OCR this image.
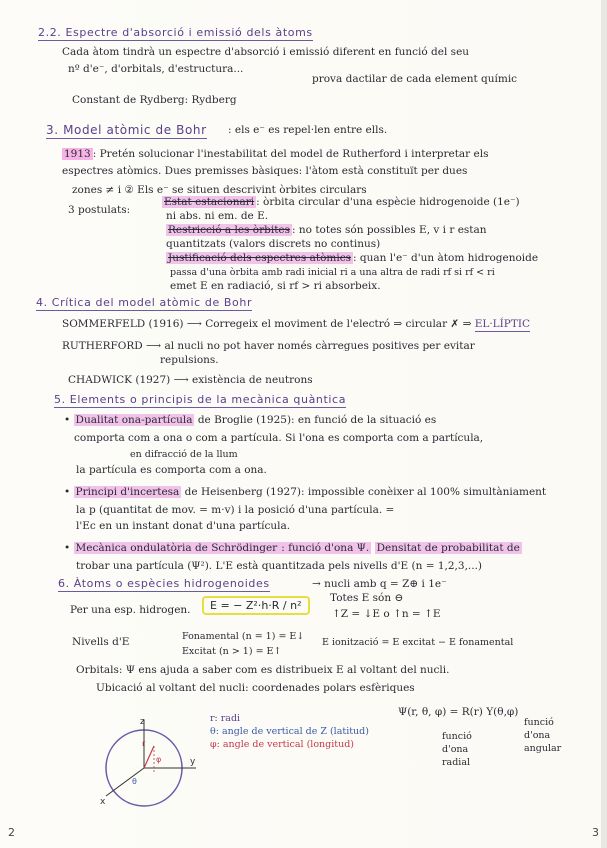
2.2. Espectre d'absorció i emissió dels àtoms
Cada àtom tindrà un espectre d'absorció i emissió diferent en funció del seu
nº d'e⁻, d'orbitals, d'estructura...
prova dactilar de cada element químic
Constant de Rydberg: Rydberg
3. Model atòmic de Bohr : els e⁻ es repel·len entre ells.
1913 : Pretén solucionar l'inestabilitat del model de Rutherford i interpretar els
espectres atòmics. Dues premisses bàsiques: l'àtom està constituït per dues
zones ≠ i ② Els e⁻ se situen descrivint òrbites circulars
3 postulats:
Estat estacionari : òrbita circular d'una espècie hidrogenoide (1e⁻)
ni abs. ni em. de E.
Restricció a les òrbites : no totes són possibles E, v i r estan
quantitzats (valors discrets no continus)
Justificació dels espectres atòmics : quan l'e⁻ d'un àtom hidrogenoide
passa d'una òrbita amb radi inicial ri a una altra de radi rf si rf < ri
emet E en radiació, si rf > ri absorbeix.
4. Crítica del model atòmic de Bohr
SOMMERFELD (1916) ⟶ Corregeix el moviment de l'electró ⇒ circular ✗ ⇒ EL·LÍPTIC
RUTHERFORD ⟶ al nucli no pot haver només càrregues positives per evitar
repulsions.
CHADWICK (1927) ⟶ existència de neutrons
5. Elements o principis de la mecànica quàntica
• Dualitat ona-partícula de Broglie (1925): en funció de la situació es
comporta com a ona o com a partícula. Si l'ona es comporta com a partícula,
en difracció de la llum
la partícula es comporta com a ona.
• Principi d'incertesa de Heisenberg (1927): impossible conèixer al 100% simultàniament
la p (quantitat de mov. = m·v) i la posició d'una partícula. =
l'Ec en un instant donat d'una partícula.
• Mecànica ondulatòria de Schrödinger : funció d'ona Ψ. Densitat de probabilitat de
trobar una partícula (Ψ²). L'E està quantitzada pels nivells d'E (n = 1,2,3,...)
6. Àtoms o espècies hidrogenoides	→ nucli amb q = Z⊕ i 1e⁻
Per una esp. hidrogen.	E = − Z²·h·R / n²
Totes E són ⊖
↑Z = ↓E o ↑n = ↑E
Nivells d'E	Fonamental (n = 1) = E↓
Excitat (n > 1) = E↑
E ionització = E excitat − E fonamental
Orbitals: Ψ ens ajuda a saber com es distribueix E al voltant del nucli.
Ubicació al voltant del nucli: coordenades polars esfèriques
r: radi
θ: angle de vertical de Z (latitud)
φ: angle de vertical (longitud)
Ψ(r, θ, φ) = R(r) Y(θ,φ)
funció d'ona radial
funció d'ona angular
z
x
y
r
θ
φ
2	3
